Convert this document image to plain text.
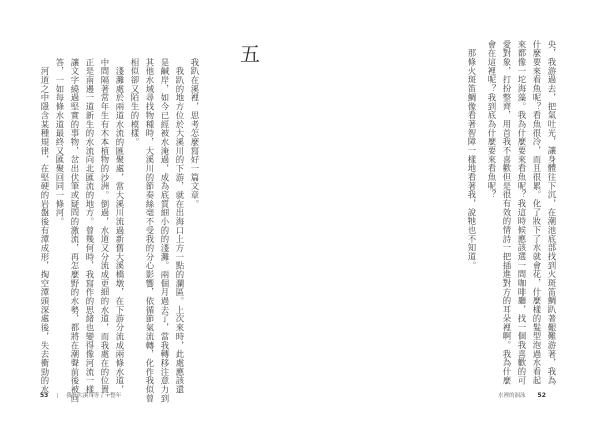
五
我趴在溪裡，思考怎麼寫好一篇文章。
　我趴的地方位於大溪川的下游，就在出海口上方一點的瀾區。上次來時，此處應該還
是鹹岸，如今已經被水淹過，成為底質細小的的淺灘。兩個月過去了，當我轉移注意力到
其他水域尋找物種時，大溪川的節奏絲毫不受我的分心影響，依循節氣流轉，化作我似曾
相似卻又陌生的模樣。
　淺灘處於兩道水流的匯聚處，當大溪川流過新舊大溪橋墩，在下游分流成兩條水道，
中間隔著常年生有木本植物的沙洲。倒過，水道又分流成更細的水道，而我處在的位置，
正是南邊一道新生的水流向北匯流的地方。曾幾何時，我寫作的思緒也變得像河流一樣，
讓文字繞過堅實的事物，岔出伏筆或疑問的激流，再怎麼野的水勢，都將在潮聲前後被回
答，一如每條水道最終又匯聚回同一條河。
　河道之中隱含某種規律，在堅硬的岩盤後有潭成形，掏空潭頭深處後，失去衝勁的水
53 | 我在大溪川等了一整年
央，我游過去，把氣吐光，讓身體往下沉，在潮池底部找到火斑笛鯛趴著艱難游著，我為
什麼要來看魚呢？看魚很冷，而且很累。化了妝下了水就會花，什麼樣的髮型泡過水看起
來都像一坨海藻。我為什麼要來看魚呢？我這時候應該選一間咖啡廳，找一個我喜歡的可
愛對象，打扮整齊，用首我不喜歡但是很有效的情詩一把插進對方的耳朵裡啊。我為什麼
會在這裡呢？我到底為什麼要來看魚呢？
　那條火斑笛鯛像看著智障一樣地看著我，說牠也不知道。
水裡的泅泳 52
